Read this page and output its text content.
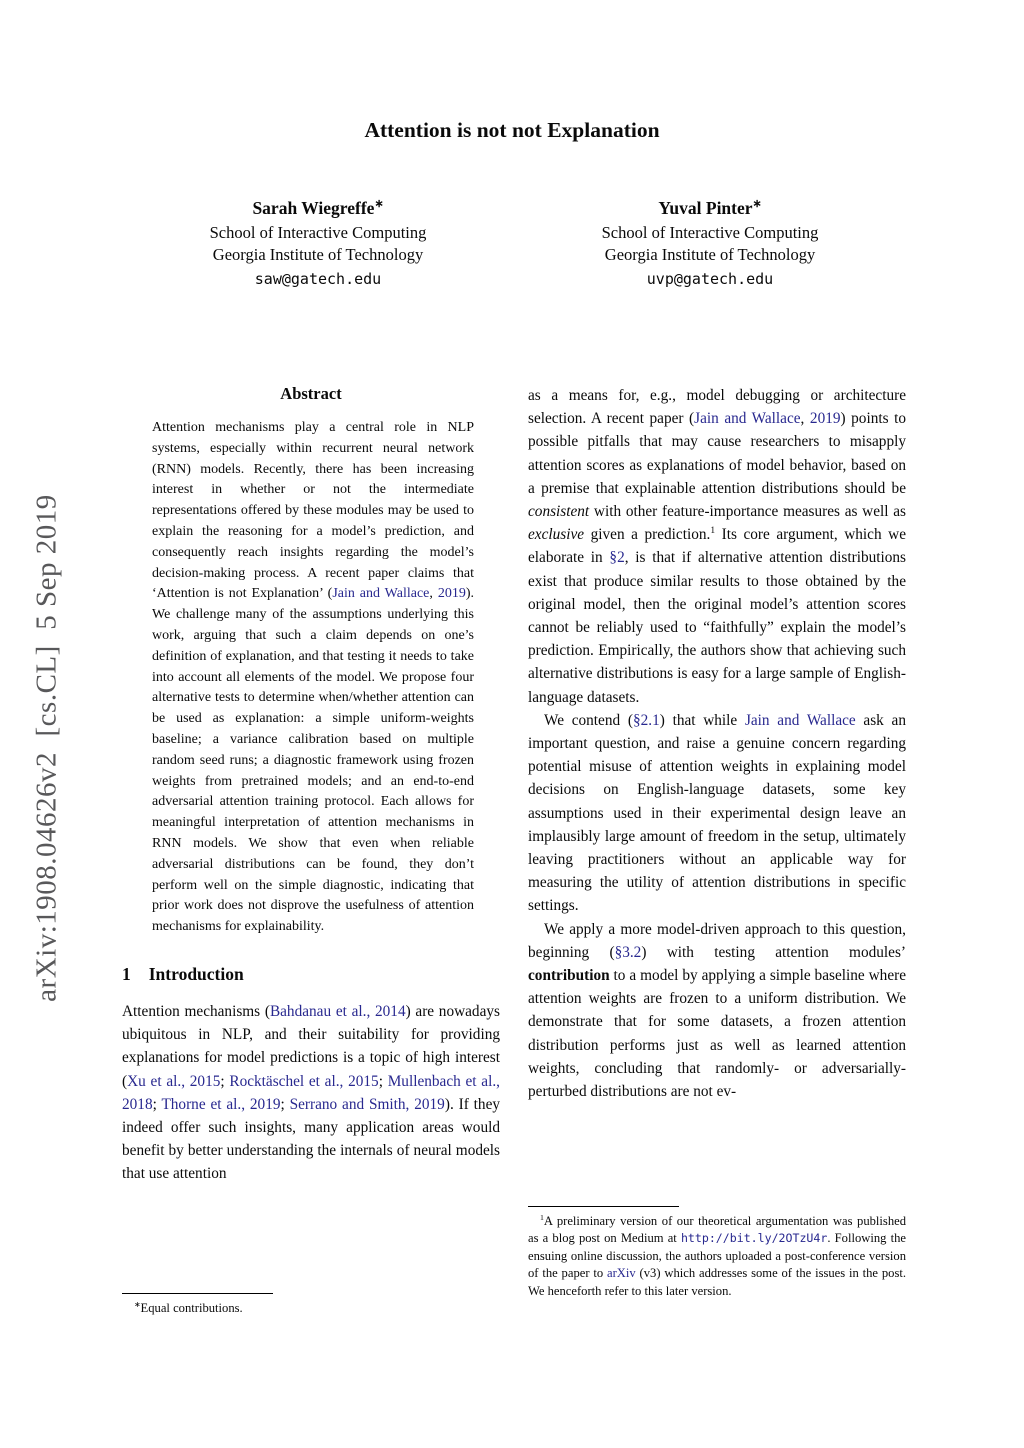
arXiv:1908.04626v2  [cs.CL]  5 Sep 2019
Attention is not not Explanation
Sarah Wiegreffe∗
School of Interactive Computing
Georgia Institute of Technology
saw@gatech.edu
Yuval Pinter∗
School of Interactive Computing
Georgia Institute of Technology
uvp@gatech.edu
Abstract
Attention mechanisms play a central role in NLP systems, especially within recurrent neural network (RNN) models. Recently, there has been increasing interest in whether or not the intermediate representations offered by these modules may be used to explain the reasoning for a model’s prediction, and consequently reach insights regarding the model’s decision-making process. A recent paper claims that ‘Attention is not Explanation’ (Jain and Wallace, 2019). We challenge many of the assumptions underlying this work, arguing that such a claim depends on one’s definition of explanation, and that testing it needs to take into account all elements of the model. We propose four alternative tests to determine when/whether attention can be used as explanation: a simple uniform-weights baseline; a variance calibration based on multiple random seed runs; a diagnostic framework using frozen weights from pretrained models; and an end-to-end adversarial attention training protocol. Each allows for meaningful interpretation of attention mechanisms in RNN models. We show that even when reliable adversarial distributions can be found, they don’t perform well on the simple diagnostic, indicating that prior work does not disprove the usefulness of attention mechanisms for explainability.
1 Introduction

Attention mechanisms (Bahdanau et al., 2014) are nowadays ubiquitous in NLP, and their suitability for providing explanations for model predictions is a topic of high interest (Xu et al., 2015; Rocktäschel et al., 2015; Mullenbach et al., 2018; Thorne et al., 2019; Serrano and Smith, 2019). If they indeed offer such insights, many application areas would benefit by better understanding the internals of neural models that use attention

as a means for, e.g., model debugging or architecture selection. A recent paper (Jain and Wallace, 2019) points to possible pitfalls that may cause researchers to misapply attention scores as explanations of model behavior, based on a premise that explainable attention distributions should be consistent with other feature-importance measures as well as exclusive given a prediction.$^1$ Its core argument, which we elaborate in §2, is that if alternative attention distributions exist that produce similar results to those obtained by the original model, then the original model’s attention scores cannot be reliably used to “faithfully” explain the model’s prediction. Empirically, the authors show that achieving such alternative distributions is easy for a large sample of English-language datasets.

We contend (§2.1) that while Jain and Wallace ask an important question, and raise a genuine concern regarding potential misuse of attention weights in explaining model decisions on English-language datasets, some key assumptions used in their experimental design leave an implausibly large amount of freedom in the setup, ultimately leaving practitioners without an applicable way for measuring the utility of attention distributions in specific settings.

We apply a more model-driven approach to this question, beginning (§3.2) with testing attention modules’ contribution to a model by applying a simple baseline where attention weights are frozen to a uniform distribution. We demonstrate that for some datasets, a frozen attention distribution performs just as well as learned attention weights, concluding that randomly- or adversarially-perturbed distributions are not ev-

∗Equal contributions.

$^1$A preliminary version of our theoretical argumentation was published as a blog post on Medium at http://bit.ly/2OTzU4r. Following the ensuing online discussion, the authors uploaded a post-conference version of the paper to arXiv (v3) which addresses some of the issues in the post. We henceforth refer to this later version.
